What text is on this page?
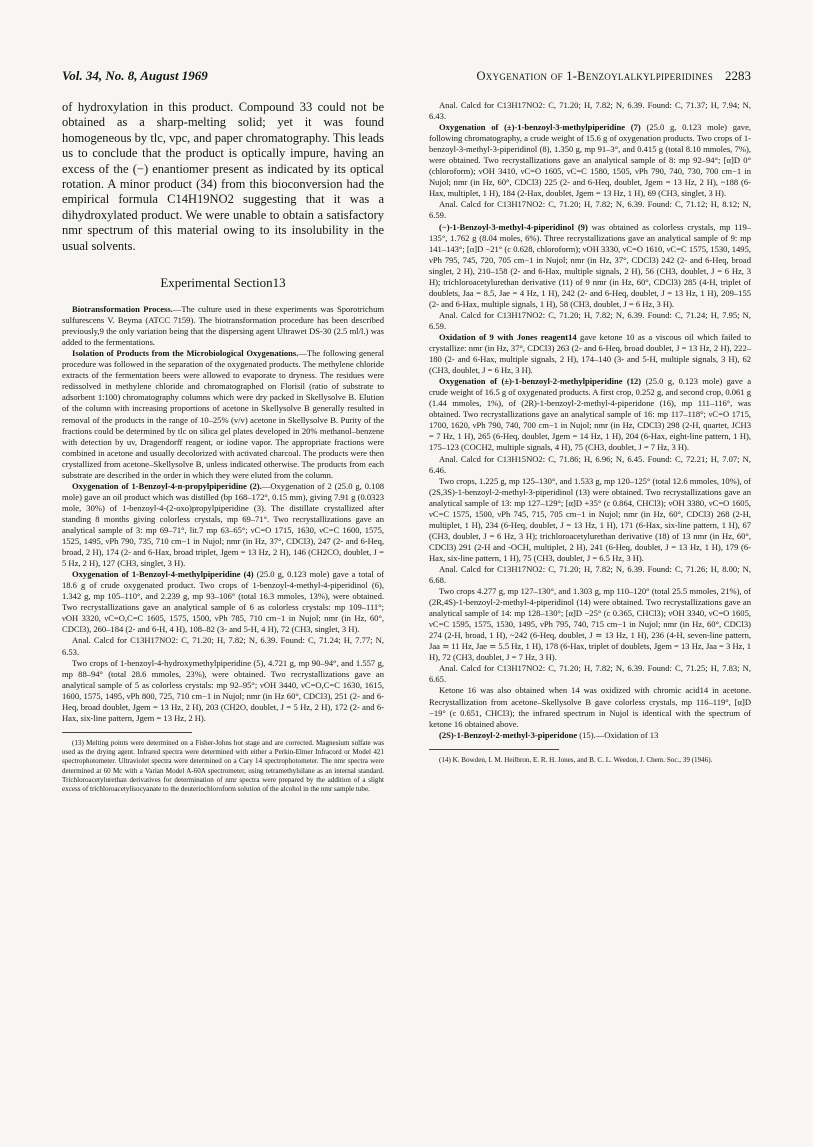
Vol. 34, No. 8, August 1969	Oxygenation of 1-Benzoylalkylpiperidines 2283

of hydroxylation in this product. Compound 33 could not be obtained as a sharp-melting solid; yet it was found homogeneous by tlc, vpc, and paper chromatography. This leads us to conclude that the product is optically impure, having an excess of the (−) enantiomer present as indicated by its optical rotation. A minor product (34) from this bioconversion had the empirical formula C14H19NO2 suggesting that it was a dihydroxylated product. We were unable to obtain a satisfactory nmr spectrum of this material owing to its insolubility in the usual solvents.

Experimental Section13

Biotransformation Process.—The culture used in these experiments was Sporotrichum sulfurescens V. Beyma (ATCC 7159). The biotransformation procedure has been described previously,9 the only variation being that the dispersing agent Ultrawet DS-30 (2.5 ml/l.) was added to the fermentations.

Isolation of Products from the Microbiological Oxygenations.—The following general procedure was followed in the separation of the oxygenated products. The methylene chloride extracts of the fermentation beers were allowed to evaporate to dryness. The residues were redissolved in methylene chloride and chromatographed on Florisil (ratio of substrate to adsorbent 1:100) chromatography columns which were dry packed in Skellysolve B. Elution of the column with increasing proportions of acetone in Skellysolve B generally resulted in removal of the products in the range of 10–25% (v/v) acetone in Skellysolve B. Purity of the fractions could be determined by tlc on silica gel plates developed in 20% methanol–benzene with detection by uv, Dragendorff reagent, or iodine vapor. The appropriate fractions were combined in acetone and usually decolorized with activated charcoal. The products were then crystallized from acetone–Skellysolve B, unless indicated otherwise. The products from each substrate are described in the order in which they were eluted from the column.

Oxygenation of 1-Benzoyl-4-n-propylpiperidine (2).—Oxygenation of 2 (25.0 g, 0.108 mole) gave an oil product which was distilled (bp 168–172°, 0.15 mm), giving 7.91 g (0.0323 mole, 30%) of 1-benzoyl-4-(2-oxo)propylpiperidine (3). The distillate crystallized after standing 8 months giving colorless crystals, mp 69–71°. Two recrystallizations gave an analytical sample of 3: mp 69–71°, lit.7 mp 63–65°; νC=O 1715, 1630, νC=C 1600, 1575, 1525, 1495, νPh 790, 735, 710 cm−1 in Nujol; nmr (in Hz, 37°, CDCl3), 247 (2- and 6-Heq, broad, 2 H), 174 (2- and 6-Hax, broad triplet, Jgem = 13 Hz, 2 H), 146 (CH2CO, doublet, J = 5 Hz, 2 H), 127 (CH3, singlet, 3 H).

Oxygenation of 1-Benzoyl-4-methylpiperidine (4) (25.0 g, 0.123 mole) gave a total of 18.6 g of crude oxygenated product. Two crops of 1-benzoyl-4-methyl-4-piperidinol (6), 1.342 g, mp 105–110°, and 2.239 g, mp 93–106° (total 16.3 mmoles, 13%), were obtained. Two recrystallizations gave an analytical sample of 6 as colorless crystals: mp 109–111°; νOH 3320, νC=O,C=C 1605, 1575, 1500, νPh 785, 710 cm−1 in Nujol; nmr (in Hz, 60°, CDCl3), 260–184 (2- and 6-H, 4 H), 108–82 (3- and 5-H, 4 H), 72 (CH3, singlet, 3 H).

Anal. Calcd for C13H17NO2: C, 71.20; H, 7.82; N, 6.39. Found: C, 71.24; H, 7.77; N, 6.53.

Two crops of 1-benzoyl-4-hydroxymethylpiperidine (5), 4.721 g, mp 90–94°, and 1.557 g, mp 88–94° (total 28.6 mmoles, 23%), were obtained. Two recrystallizations gave an analytical sample of 5 as colorless crystals: mp 92–95°; νOH 3440, νC=O,C=C 1630, 1615, 1600, 1575, 1495, νPh 800, 725, 710 cm−1 in Nujol; nmr (in Hz 60°, CDCl3), 251 (2- and 6-Heq, broad doublet, Jgem = 13 Hz, 2 H), 203 (CH2O, doublet, J = 5 Hz, 2 H), 172 (2- and 6-Hax, six-line pattern, Jgem = 13 Hz, 2 H).

(13) Melting points were determined on a Fisher-Johns hot stage and are corrected. Magnesium sulfate was used as the drying agent. Infrared spectra were determined with either a Perkin-Elmer Infracord or Model 421 spectrophotometer. Ultraviolet spectra were determined on a Cary 14 spectrophotometer. The nmr spectra were determined at 60 Mc with a Varian Model A-60A spectrometer, using tetramethylsilane as an internal standard. Trichloroacetylurethan derivatives for determination of nmr spectra were prepared by the addition of a slight excess of trichloroacetylisocyanate to the deuteriochloroform solution of the alcohol in the nmr sample tube.

Anal. Calcd for C13H17NO2: C, 71.20; H, 7.82; N, 6.39. Found: C, 71.37; H, 7.94; N, 6.43.

Oxygenation of (±)-1-benzoyl-3-methylpiperidine (7) (25.0 g, 0.123 mole) gave, following chromatography, a crude weight of 15.6 g of oxygenation products. Two crops of 1-benzoyl-3-methyl-3-piperidinol (8), 1.350 g, mp 91–3°, and 0.415 g (total 8.10 mmoles, 7%), were obtained. Two recrystallizations gave an analytical sample of 8: mp 92–94°; [α]D 0° (chloroform); νOH 3410, νC=O 1605, νC=C 1580, 1505, νPh 790, 740, 730, 700 cm−1 in Nujol; nmr (in Hz, 60°, CDCl3) 225 (2- and 6-Heq, doublet, Jgem = 13 Hz, 2 H), ~188 (6-Hax, multiplet, 1 H), 184 (2-Hax, doublet, Jgem = 13 Hz, 1 H), 69 (CH3, singlet, 3 H).

Anal. Calcd for C13H17NO2: C, 71.20; H, 7.82; N, 6.39. Found: C, 71.12; H, 8.12; N, 6.59.

(−)-1-Benzoyl-3-methyl-4-piperidinol (9) was obtained as colorless crystals, mp 119–135°, 1.762 g (8.04 moles, 6%). Three recrystallizations gave an analytical sample of 9: mp 141–143°; [α]D −21° (c 0.628, chloroform); νOH 3330, νC=O 1610, νC=C 1575, 1530, 1495, νPh 795, 745, 720, 705 cm−1 in Nujol; nmr (in Hz, 37°, CDCl3) 242 (2- and 6-Heq, broad singlet, 2 H), 210–158 (2- and 6-Hax, multiple signals, 2 H), 56 (CH3, doublet, J = 6 Hz, 3 H); trichloroacetylurethan derivative (11) of 9 nmr (in Hz, 60°, CDCl3) 285 (4-H, triplet of doublets, Jaa = 8.5, Jae = 4 Hz, 1 H), 242 (2- and 6-Heq, doublet, J = 13 Hz, 1 H), 209–155 (2- and 6-Hax, multiple signals, 1 H), 58 (CH3, doublet, J = 6 Hz, 3 H).

Anal. Calcd for C13H17NO2: C, 71.20; H, 7.82; N, 6.39. Found: C, 71.24; H, 7.95; N, 6.59.

Oxidation of 9 with Jones reagent14 gave ketone 10 as a viscous oil which failed to crystallize: nmr (in Hz, 37°, CDCl3) 263 (2- and 6-Heq, broad doublet, J = 13 Hz, 2 H), 222–180 (2- and 6-Hax, multiple signals, 2 H), 174–140 (3- and 5-H, multiple signals, 3 H), 62 (CH3, doublet, J = 6 Hz, 3 H).

Oxygenation of (±)-1-benzoyl-2-methylpiperidine (12) (25.0 g, 0.123 mole) gave a crude weight of 16.5 g of oxygenated products. A first crop, 0.252 g, and second crop, 0.061 g (1.44 mmoles, 1%), of (2R)-1-benzoyl-2-methyl-4-piperidone (16), mp 111–116°, was obtained. Two recrystallizations gave an analytical sample of 16: mp 117–118°; νC=O 1715, 1700, 1620, νPh 790, 740, 700 cm−1 in Nujol; nmr (in Hz, CDCl3) 298 (2-H, quartet, JCH3 = 7 Hz, 1 H), 265 (6-Heq, doublet, Jgem = 14 Hz, 1 H), 204 (6-Hax, eight-line pattern, 1 H), 175–123 (COCH2, multiple signals, 4 H), 75 (CH3, doublet, J = 7 Hz, 3 H).

Anal. Calcd for C13H15NO2: C, 71.86; H, 6.96; N, 6.45. Found: C, 72.21; H, 7.07; N, 6.46.

Two crops, 1.225 g, mp 125–130°, and 1.533 g, mp 120–125° (total 12.6 mmoles, 10%), of (2S,3S)-1-benzoyl-2-methyl-3-piperidinol (13) were obtained. Two recrystallizations gave an analytical sample of 13: mp 127–129°; [α]D +35° (c 0.864, CHCl3); νOH 3380, νC=O 1605, νC=C 1575, 1500, νPh 745, 715, 705 cm−1 in Nujol; nmr (in Hz, 60°, CDCl3) 268 (2-H, multiplet, 1 H), 234 (6-Heq, doublet, J = 13 Hz, 1 H), 171 (6-Hax, six-line pattern, 1 H), 67 (CH3, doublet, J = 6 Hz, 3 H); trichloroacetylurethan derivative (18) of 13 nmr (in Hz, 60°, CDCl3) 291 (2-H and -OCH, multiplet, 2 H), 241 (6-Heq, doublet, J = 13 Hz, 1 H), 179 (6-Hax, six-line pattern, 1 H), 75 (CH3, doublet, J = 6.5 Hz, 3 H).

Anal. Calcd for C13H17NO2: C, 71.20; H, 7.82; N, 6.39. Found: C, 71.26; H, 8.00; N, 6.68.

Two crops 4.277 g, mp 127–130°, and 1.303 g, mp 110–120° (total 25.5 mmoles, 21%), of (2R,4S)-1-benzoyl-2-methyl-4-piperidinol (14) were obtained. Two recrystallizations gave an analytical sample of 14: mp 128–130°; [α]D −25° (c 0.365, CHCl3); νOH 3340, νC=O 1605, νC=C 1595, 1575, 1530, 1495, νPh 795, 740, 715 cm−1 in Nujol; nmr (in Hz, 60°, CDCl3) 274 (2-H, broad, 1 H), ~242 (6-Heq, doublet, J ≃ 13 Hz, 1 H), 236 (4-H, seven-line pattern, Jaa ≃ 11 Hz, Jae ≃ 5.5 Hz, 1 H), 178 (6-Hax, triplet of doublets, Jgem = 13 Hz, Jaa = 3 Hz, 1 H), 72 (CH3, doublet, J = 7 Hz, 3 H).

Anal. Calcd for C13H17NO2: C, 71.20; H, 7.82; N, 6.39. Found: C, 71.25; H, 7.83; N, 6.65.

Ketone 16 was also obtained when 14 was oxidized with chromic acid14 in acetone. Recrystallization from acetone–Skellysolve B gave colorless crystals, mp 116–119°, [α]D −19° (c 0.651, CHCl3); the infrared spectrum in Nujol is identical with the spectrum of ketone 16 obtained above.

(2S)-1-Benzoyl-2-methyl-3-piperidone (15).—Oxidation of 13

(14) K. Bowden, I. M. Heilbron, E. R. H. Jones, and B. C. L. Weedon, J. Chem. Soc., 39 (1946).
